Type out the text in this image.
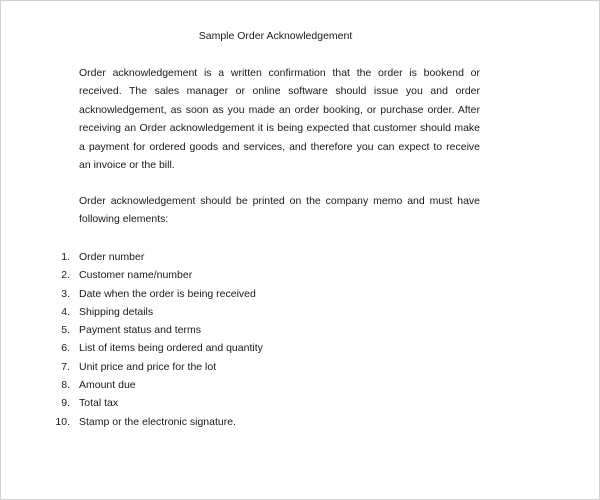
Sample Order Acknowledgement
Order acknowledgement is a written confirmation that the order is bookend or received. The sales manager or online software should issue you and order acknowledgement, as soon as you made an order booking, or purchase order. After receiving an Order acknowledgement it is being expected that customer should make a payment for ordered goods and services, and therefore you can expect to receive an invoice or the bill.
Order acknowledgement should be printed on the company memo and must have following elements:
1. Order number
2. Customer name/number
3. Date when the order is being received
4. Shipping details
5. Payment status and terms
6. List of items being ordered and quantity
7. Unit price and price for the lot
8. Amount due
9. Total tax
10. Stamp or the electronic signature.
